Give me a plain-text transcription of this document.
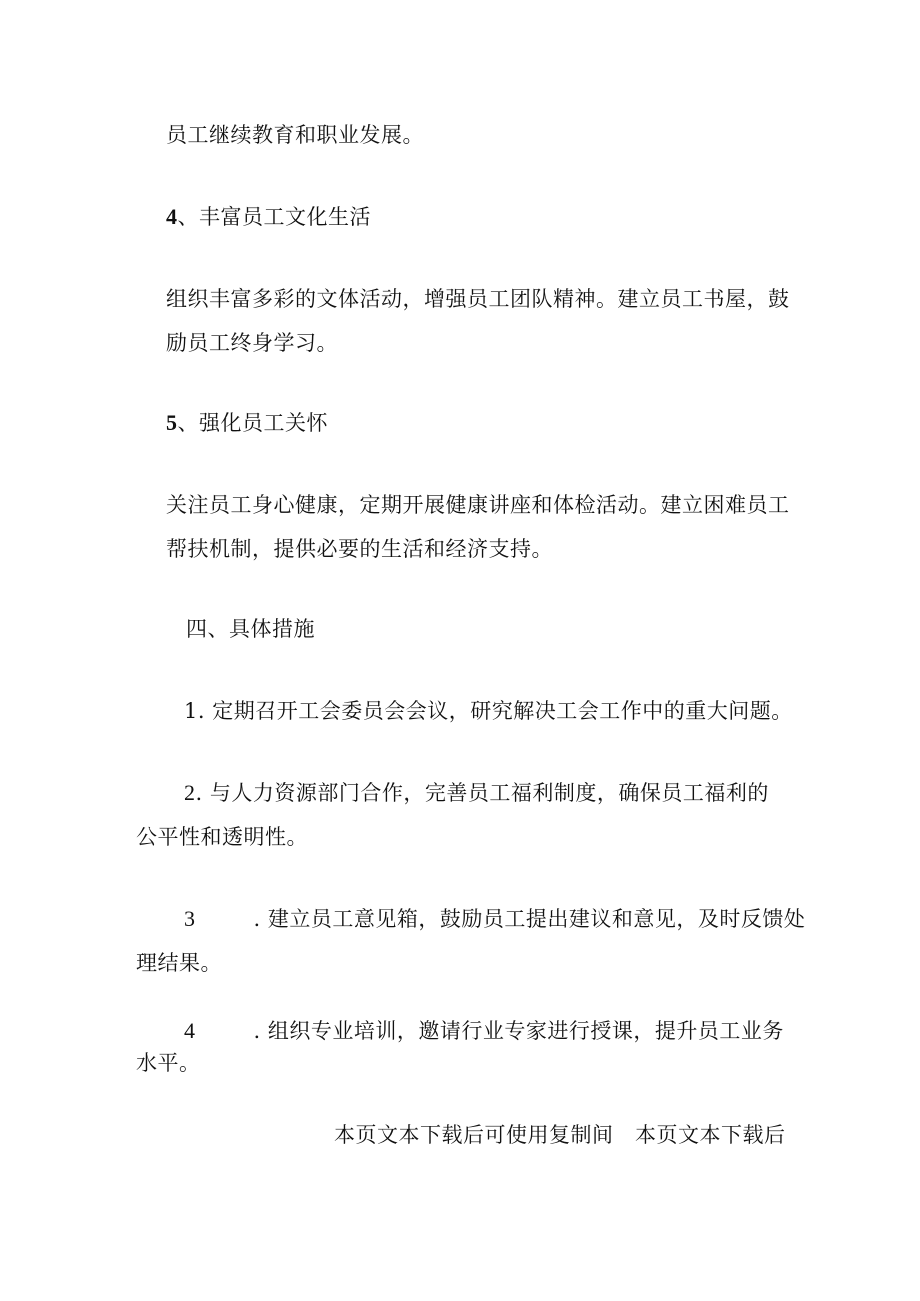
员工继续教育和职业发展。
4、丰富员工文化生活
组织丰富多彩的文体活动，增强员工团队精神。建立员工书屋，鼓
励员工终身学习。
5、强化员工关怀
关注员工身心健康，定期开展健康讲座和体检活动。建立困难员工
帮扶机制，提供必要的生活和经济支持。
四、具体措施
1. 定期召开工会委员会会议，研究解决工会工作中的重大问题。
2. 与人力资源部门合作，完善员工福利制度，确保员工福利的
公平性和透明性。
3	. 建立员工意见箱，鼓励员工提出建议和意见，及时反馈处
理结果。
4	. 组织专业培训，邀请行业专家进行授课，提升员工业务
水平。
本页文本下载后可使用复制间　本页文本下载后
